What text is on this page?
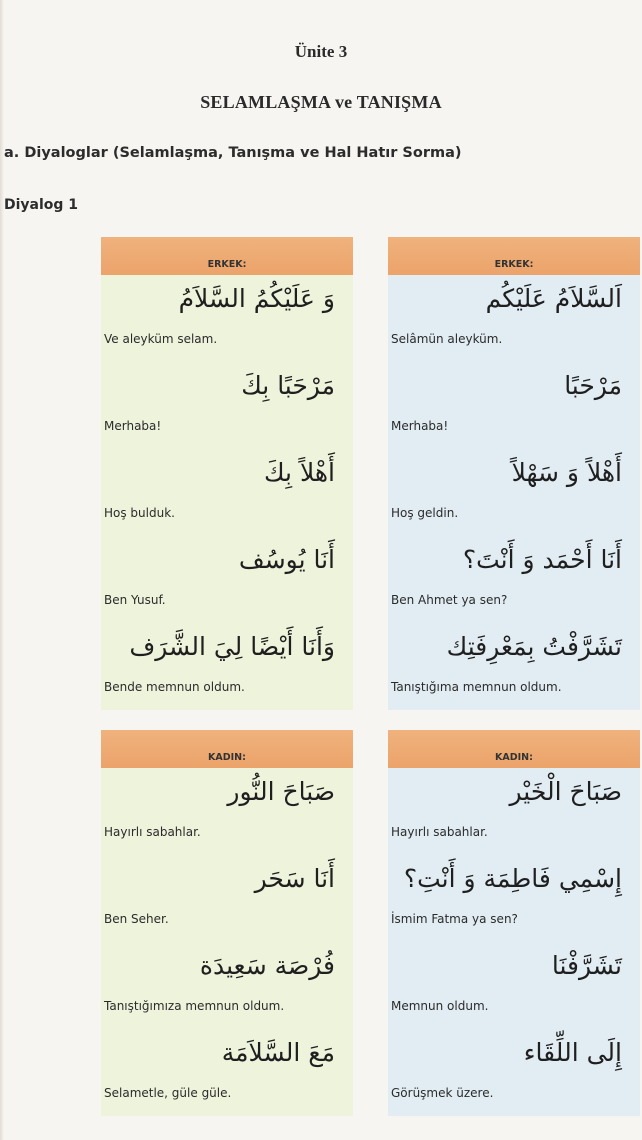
Ünite 3
SELAMLAŞMA ve TANIŞMA
a. Diyaloglar (Selamlaşma, Tanışma ve Hal Hatır Sorma)
Diyalog 1
ERKEK:
وَ عَلَيْكُمُ السَّلاَمُ
Ve aleyküm selam.
مَرْحَبًا بِكَ
Merhaba!
أَهْلاً بِكَ
Hoş bulduk.
أَنَا يُوسُف
Ben Yusuf.
وَأَنَا أَيْضًا لِيَ الشَّرَف
Bende memnun oldum.
KADIN:
صَبَاحَ النُّور
Hayırlı sabahlar.
أَنَا سَحَر
Ben Seher.
فُرْصَة سَعِيدَة
Tanıştığımıza memnun oldum.
مَعَ السَّلاَمَة
Selametle, güle güle.
ERKEK:
اَلسَّلاَمُ عَلَيْكُم
Selâmün aleyküm.
مَرْحَبًا
Merhaba!
أَهْلاً وَ سَهْلاً
Hoş geldin.
أَنَا أَحْمَد وَ أَنْتَ؟
Ben Ahmet ya sen?
تَشَرَّفْتُ بِمَعْرِفَتِك
Tanıştığıma memnun oldum.
KADIN:
صَبَاحَ الْخَيْر
Hayırlı sabahlar.
إِسْمِي فَاطِمَة وَ أَنْتِ؟
İsmim Fatma ya sen?
تَشَرَّفْنَا
Memnun oldum.
إِلَى اللِّقَاء
Görüşmek üzere.
